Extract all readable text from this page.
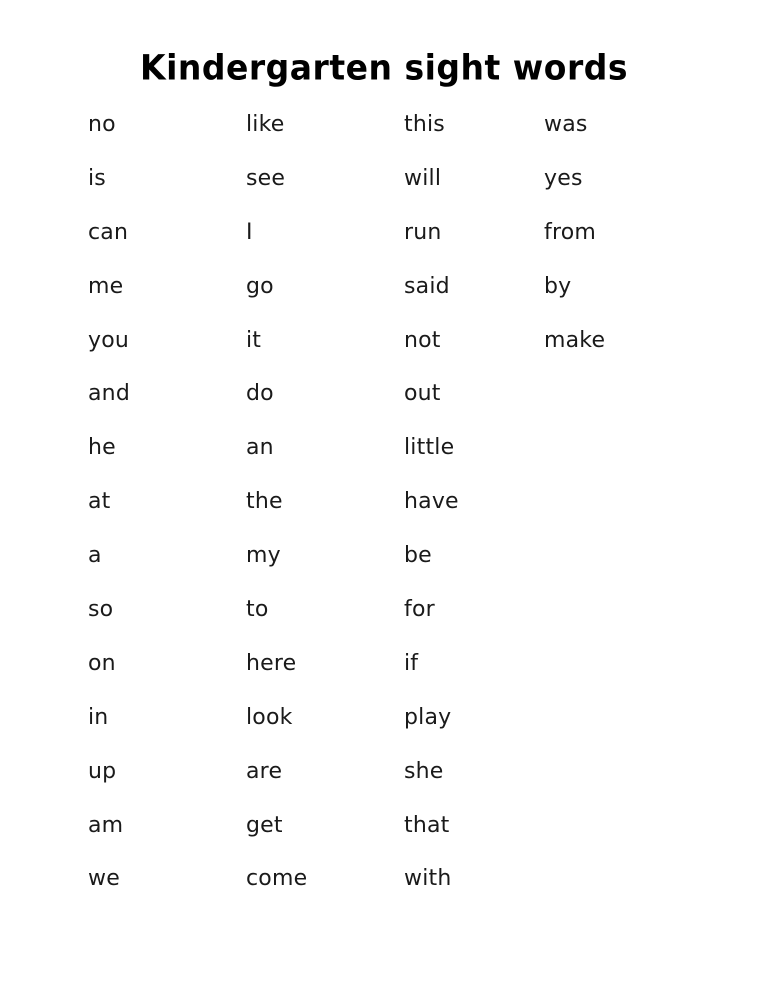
Kindergarten sight words
no
is
can
me
you
and
he
at
a
so
on
in
up
am
we
like
see
I
go
it
do
an
the
my
to
here
look
are
get
come
this
will
run
said
not
out
little
have
be
for
if
play
she
that
with
was
yes
from
by
make
